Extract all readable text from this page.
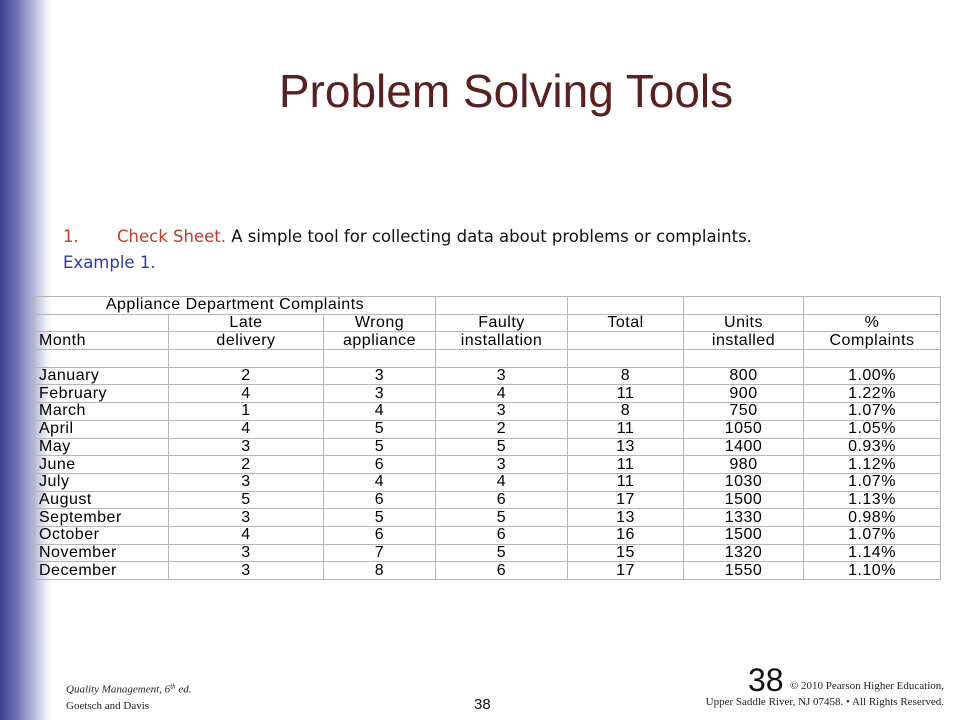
Problem Solving Tools
1. Check Sheet. A simple tool for collecting data about problems or complaints.
Example 1.
Appliance Department Complaints						
	Late	Wrong	Faulty	Total	Units	%
Month	delivery	appliance	installation		installed	Complaints

January	2	3	3	8	800	1.00%
February	4	3	4	11	900	1.22%
March	1	4	3	8	750	1.07%
April	4	5	2	11	1050	1.05%
May	3	5	5	13	1400	0.93%
June	2	6	3	11	980	1.12%
July	3	4	4	11	1030	1.07%
August	5	6	6	17	1500	1.13%
September	3	5	5	13	1330	0.98%
October	4	6	6	16	1500	1.07%
November	3	7	5	15	1320	1.14%
December	3	8	6	17	1550	1.10%
Quality Management, 6th ed.
Goetsch and Davis
38
38
© 2010 Pearson Higher Education,
Upper Saddle River, NJ 07458. • All Rights Reserved.
